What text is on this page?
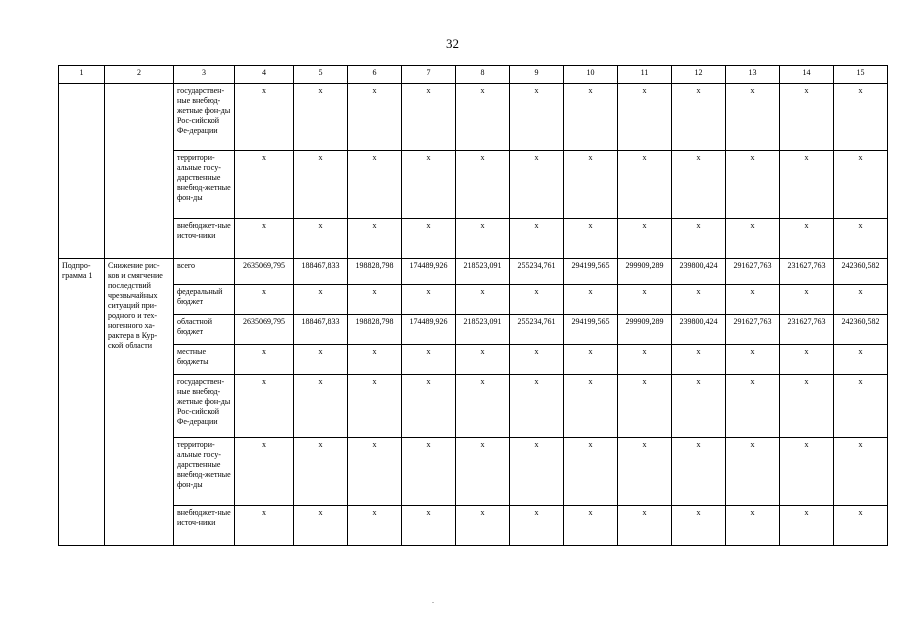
32
1	2	3	4	5	6	7	8	9	10	11	12	13	14	15
		государствен-ные внебюд-жетные фон-ды Рос-сийской Фе-дерации	х	х	х	х	х	х	х	х	х	х	х	х
		территори-альные госу-дарственные внебюд-жетные фон-ды	х	х	х	х	х	х	х	х	х	х	х	х
		внебюджет-ные источ-ники	х	х	х	х	х	х	х	х	х	х	х	х
Подпро-грамма 1	Снижение рис-ков и смягчение последствий чрезвычайных ситуаций при-родного и тех-ногенного ха-рактера в Кур-ской области	всего	2635069,795	188467,833	198828,798	174489,926	218523,091	255234,761	294199,565	299909,289	239800,424	291627,763	231627,763	242360,582
		федеральный бюджет	х	х	х	х	х	х	х	х	х	х	х	х
		областной бюджет	2635069,795	188467,833	198828,798	174489,926	218523,091	255234,761	294199,565	299909,289	239800,424	291627,763	231627,763	242360,582
		местные бюджеты	х	х	х	х	х	х	х	х	х	х	х	х
		государствен-ные внебюд-жетные фон-ды Рос-сийской Фе-дерации	х	х	х	х	х	х	х	х	х	х	х	х
		территори-альные госу-дарственные внебюд-жетные фон-ды	х	х	х	х	х	х	х	х	х	х	х	х
		внебюджет-ные источ-ники	х	х	х	х	х	х	х	х	х	х	х	х
